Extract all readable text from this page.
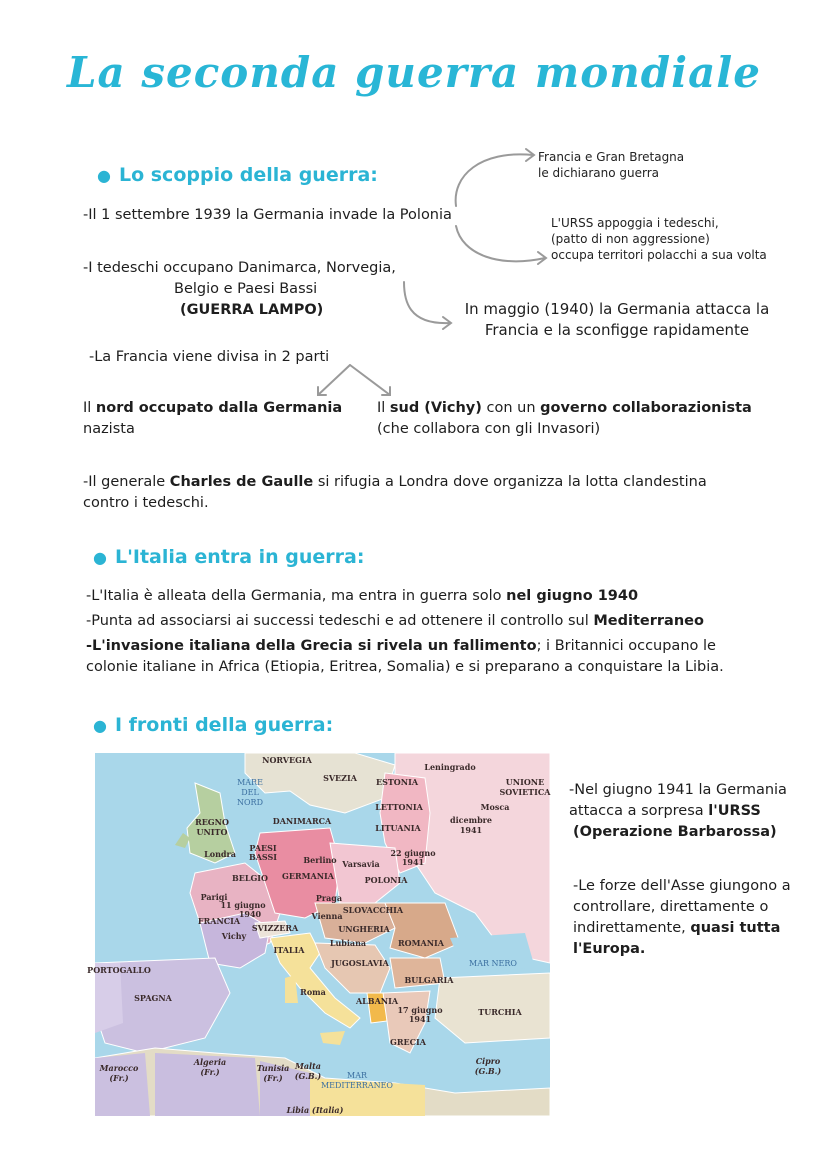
La seconda guerra mondiale
● Lo scoppio della guerra:
-Il 1 settembre 1939 la Germania invade la Polonia
Francia e Gran Bretagna
le dichiarano guerra
L'URSS appoggia i tedeschi,
(patto di non aggressione)
occupa territori polacchi a sua volta
-I tedeschi occupano Danimarca, Norvegia,
Belgio e Paesi Bassi
(GUERRA LAMPO)	In maggio (1940) la Germania attacca la
Francia e la sconfigge rapidamente
-La Francia viene divisa in 2 parti
Il nord occupato dalla Germania
nazista
Il sud (Vichy) con un governo collaborazionista
(che collabora con gli Invasori)
-Il generale Charles de Gaulle si rifugia a Londra dove organizza la lotta clandestina
contro i tedeschi.
● L'Italia entra in guerra:
-L'Italia è alleata della Germania, ma entra in guerra solo nel giugno 1940
-Punta ad associarsi ai successi tedeschi e ad ottenere il controllo sul Mediterraneo
-L'invasione italiana della Grecia si rivela un fallimento; i Britannici occupano le
colonie italiane in Africa (Etiopia, Eritrea, Somalia) e si preparano a conquistare la Libia.
● I fronti della guerra:
NORVEGIA
SVEZIA ESTONIA
Leningrado
UNIONE
SOVIETICA
MARE
DEL
NORD	LETTONIA	Mosca
dicembre
1941
REGNO
UNITO
DANIMARCA
LITUANIA
PAESI
BASSI
Londra
Berlino Varsavia
22 giugno
1941
BELGIO GERMANIA	POLONIA
Parigi	Praga
11 giugno
1940	SLOVACCHIA
Vienna
FRANCIA
Vichy
SVIZZERA	UNGHERIA
Lubiana	ROMANIA
ITALIA
JUGOSLAVIA	MAR NERO
PORTOGALLO
BULGARIA
SPAGNA
Roma
ALBANIA
17 giugno
1941
TURCHIA
GRECIA
Marocco
(Fr.)
Algeria
(Fr.)	Tunisia
(Fr.)
Malta
(G.B.)	MAR
MEDITERRANEO
Cipro
(G.B.)
Libia (Italia)
-Nel giugno 1941 la Germania
attacca a sorpresa l'URSS
(Operazione Barbarossa)
-Le forze dell'Asse giungono a
controllare, direttamente o
indirettamente, quasi tutta
l'Europa.
